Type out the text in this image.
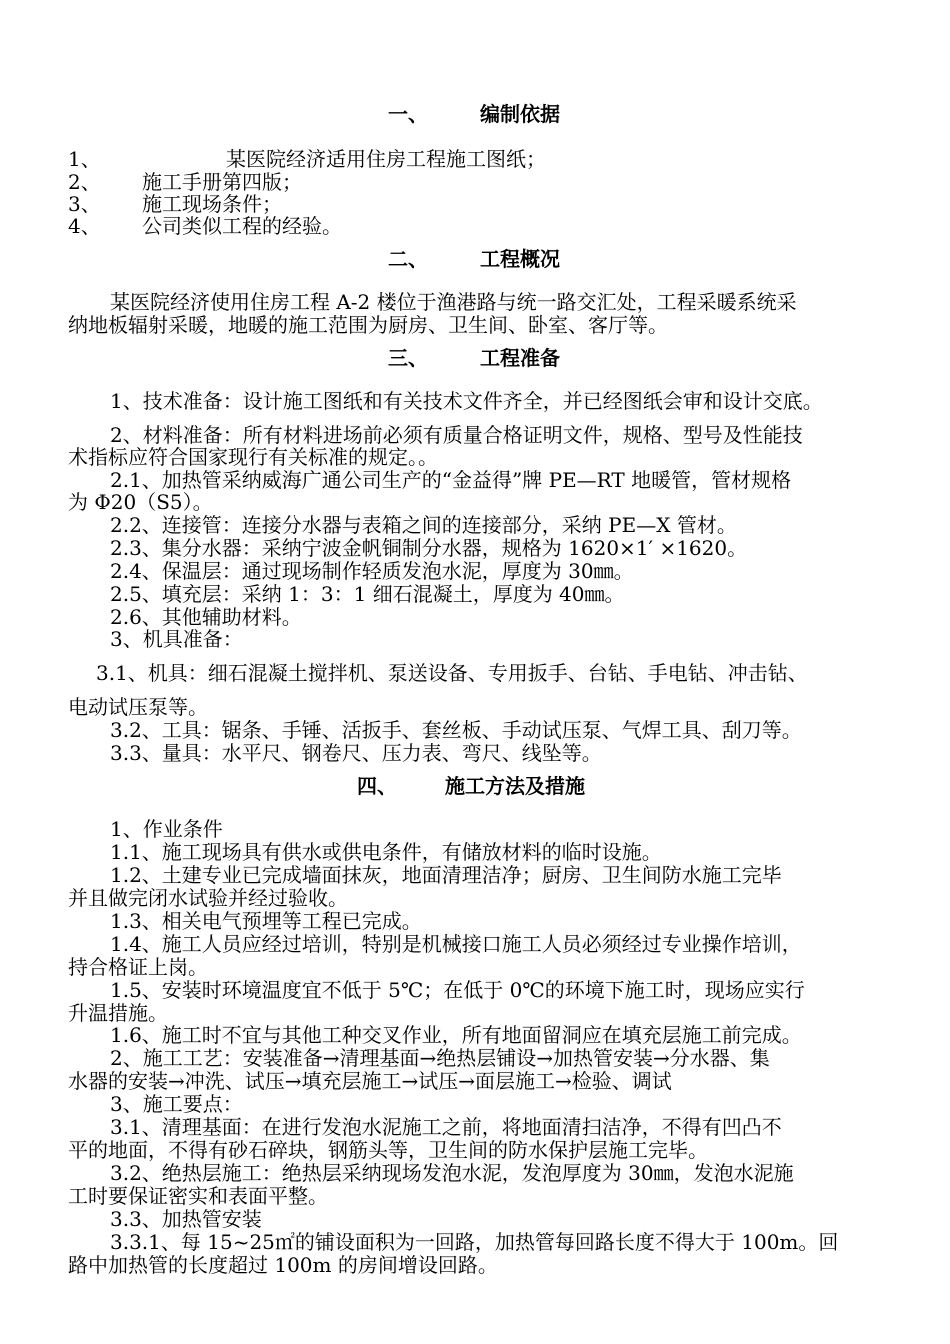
一、	编制依据
1、	某医院经济适用住房工程施工图纸；
2、 施工手册第四版；
3、 施工现场条件；
4、 公司类似工程的经验。
二、	工程概况
某医院经济使用住房工程 A-2 楼位于渔港路与统一路交汇处，工程采暖系统采
纳地板辐射采暖，地暖的施工范围为厨房、卫生间、卧室、客厅等。
三、	工程准备
1、技术准备：设计施工图纸和有关技术文件齐全，并已经图纸会审和设计交底。
2、材料准备：所有材料进场前必须有质量合格证明文件，规格、型号及性能技
术指标应符合国家现行有关标准的规定。。
2.1、加热管采纳威海广通公司生产的“金益得”牌 PE—RT 地暖管，管材规格
为 Φ20（S5）。
2.2、连接管：连接分水器与表箱之间的连接部分，采纳 PE—X 管材。
2.3、集分水器：采纳宁波金帆铜制分水器，规格为 1620×1′ ×1620。
2.4、保温层：通过现场制作轻质发泡水泥，厚度为 30㎜。
2.5、填充层：采纳 1：3：1 细石混凝土，厚度为 40㎜。
2.6、其他辅助材料。
3、机具准备：
3.1、机具：细石混凝土搅拌机、泵送设备、专用扳手、台钻、手电钻、冲击钻、
电动试压泵等。
3.2、工具：锯条、手锤、活扳手、套丝板、手动试压泵、气焊工具、刮刀等。
3.3、量具：水平尺、钢卷尺、压力表、弯尺、线坠等。
四、 施工方法及措施
1、作业条件
1.1、施工现场具有供水或供电条件，有储放材料的临时设施。
1.2、土建专业已完成墙面抹灰，地面清理洁净；厨房、卫生间防水施工完毕
并且做完闭水试验并经过验收。
1.3、相关电气预埋等工程已完成。
1.4、施工人员应经过培训，特别是机械接口施工人员必须经过专业操作培训，
持合格证上岗。
1.5、安装时环境温度宜不低于 5℃；在低于 0℃的环境下施工时，现场应实行
升温措施。
1.6、施工时不宜与其他工种交叉作业，所有地面留洞应在填充层施工前完成。
2、施工工艺：安装准备→清理基面→绝热层铺设→加热管安装→分水器、集
水器的安装→冲洗、试压→填充层施工→试压→面层施工→检验、调试
3、施工要点：
3.1、清理基面：在进行发泡水泥施工之前，将地面清扫洁净，不得有凹凸不
平的地面，不得有砂石碎块，钢筋头等，卫生间的防水保护层施工完毕。
3.2、绝热层施工：绝热层采纳现场发泡水泥，发泡厚度为 30㎜，发泡水泥施
工时要保证密实和表面平整。
3.3、加热管安装
3.3.1、每 15~25㎡的铺设面积为一回路，加热管每回路长度不得大于 100m。回
路中加热管的长度超过 100m 的房间增设回路。
